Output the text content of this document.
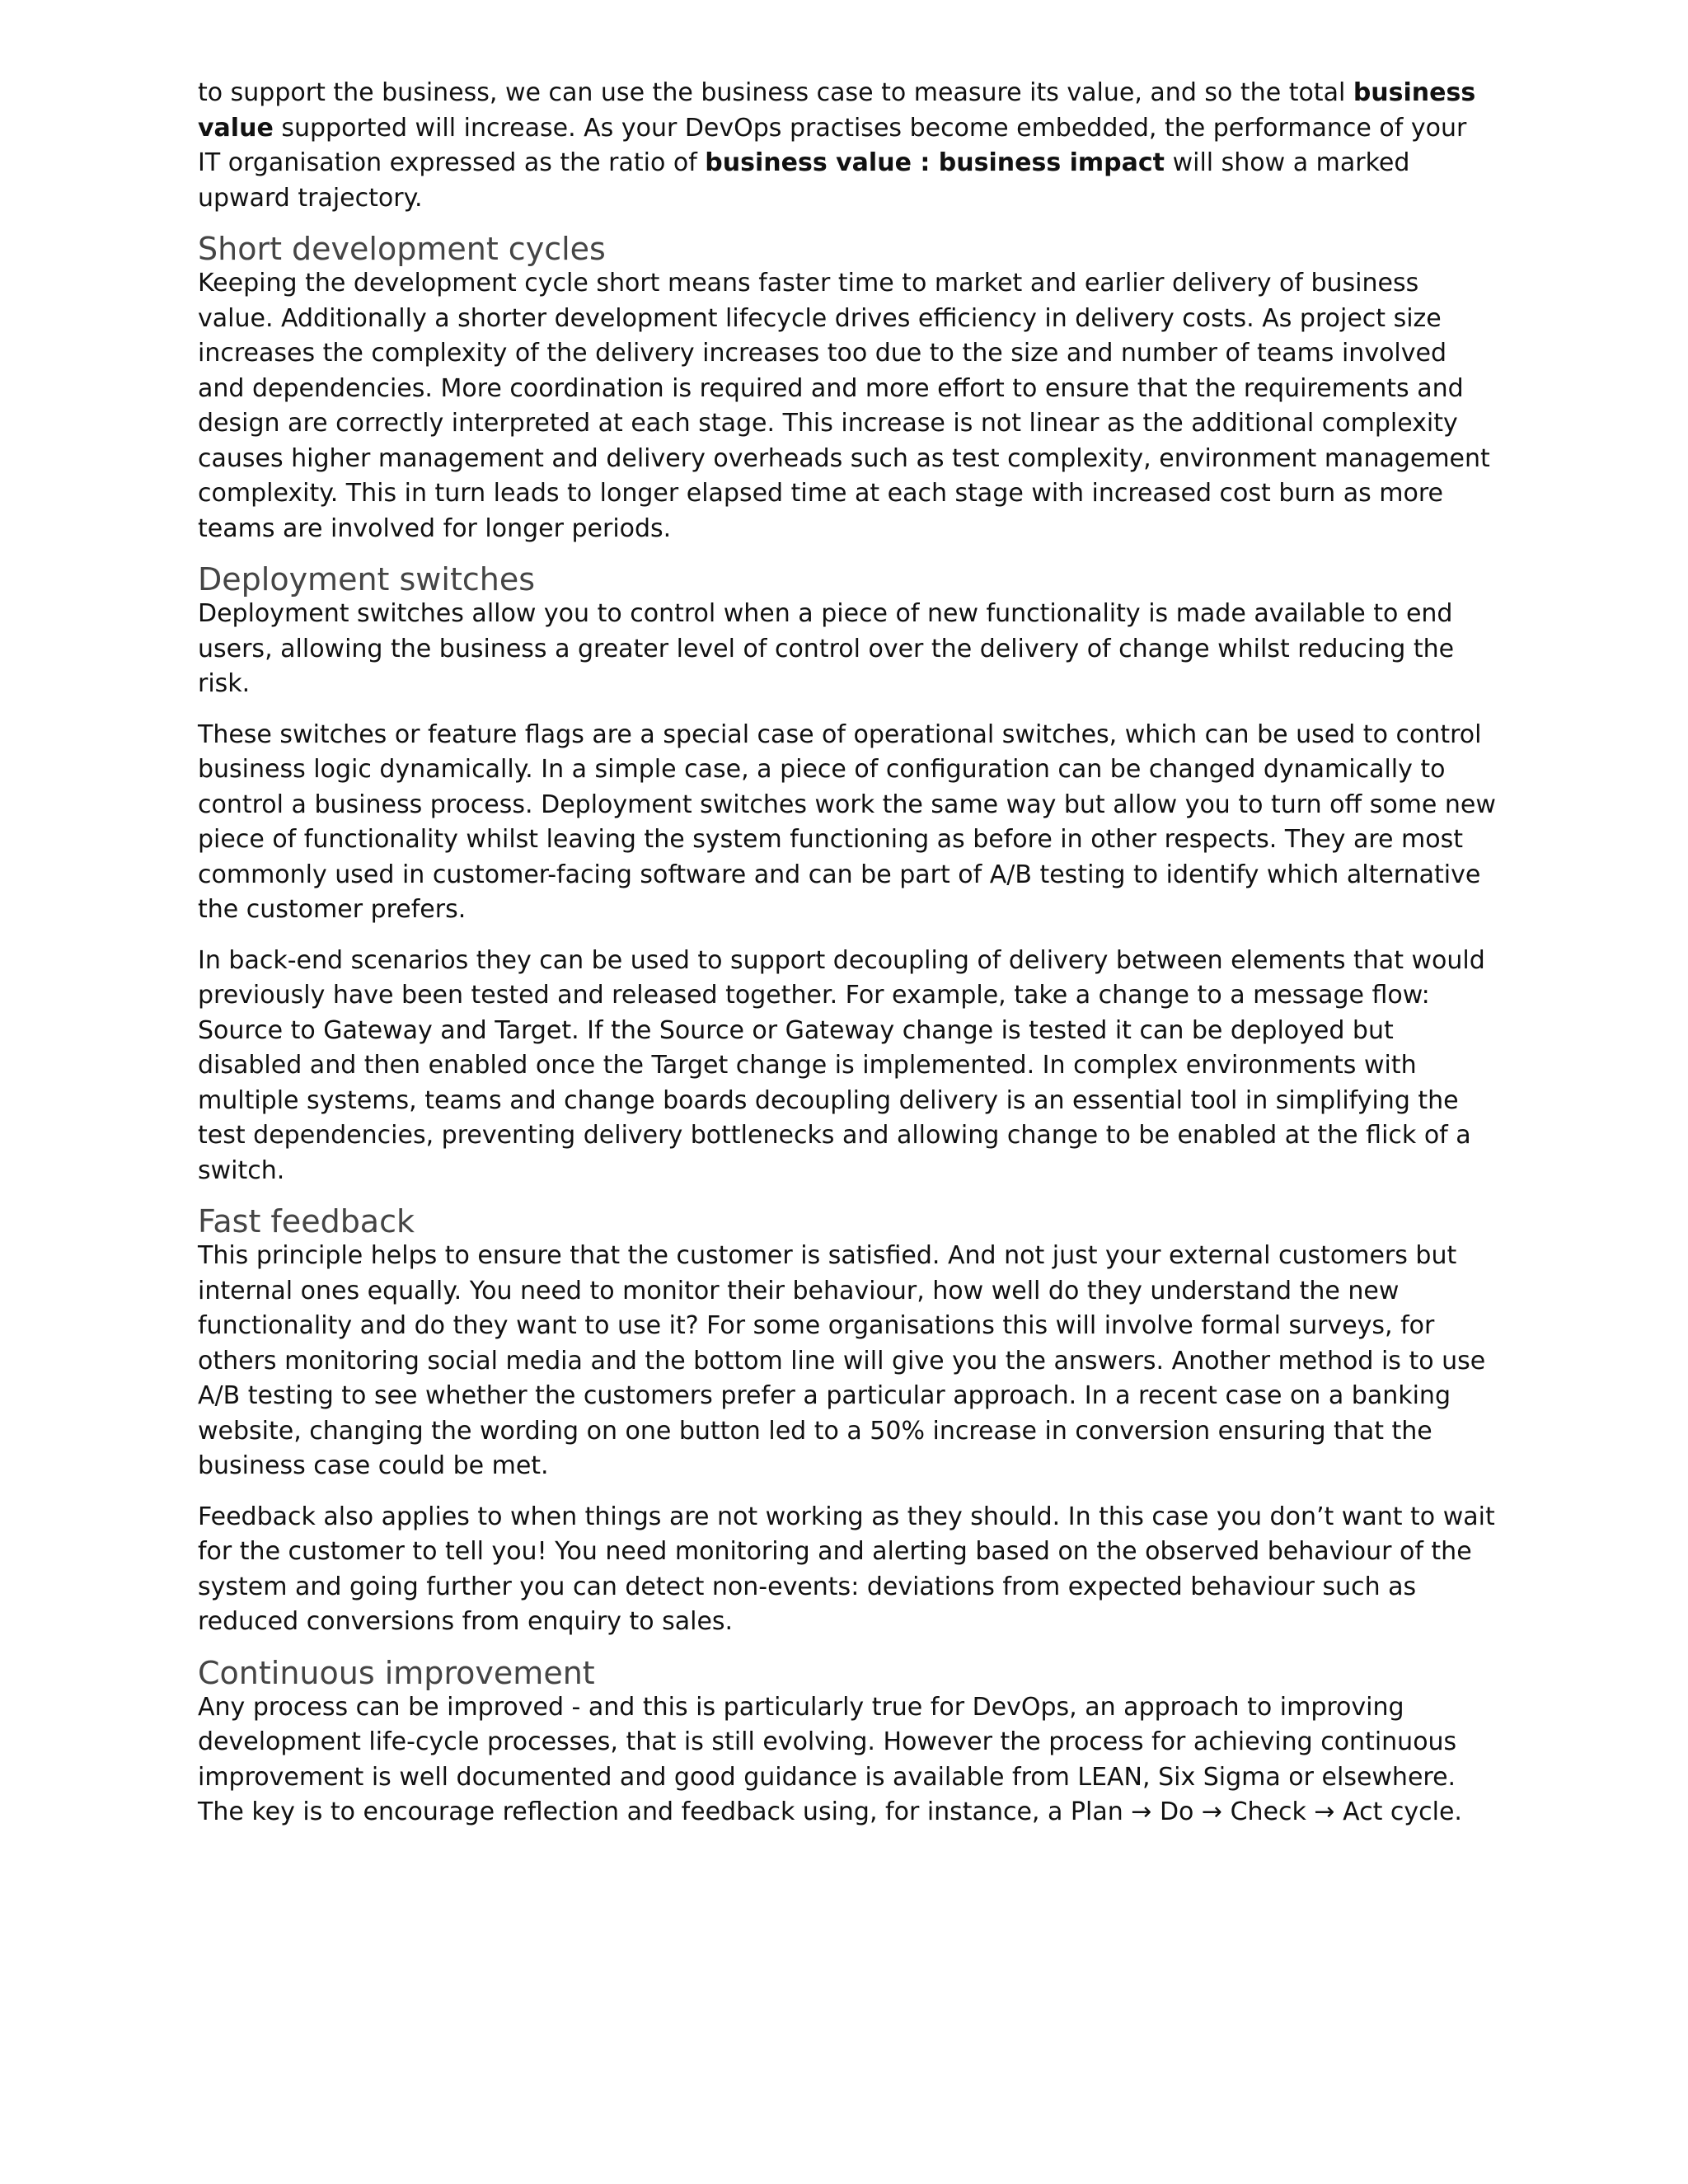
to support the business, we can use the business case to measure its value, and so the total business value supported will increase. As your DevOps practises become embedded, the performance of your IT organisation expressed as the ratio of business value : business impact will show a marked upward trajectory.

Short development cycles

Keeping the development cycle short means faster time to market and earlier delivery of business value. Additionally a shorter development lifecycle drives efficiency in delivery costs. As project size increases the complexity of the delivery increases too due to the size and number of teams involved and dependencies. More coordination is required and more effort to ensure that the requirements and design are correctly interpreted at each stage. This increase is not linear as the additional complexity causes higher management and delivery overheads such as test complexity, environment management complexity. This in turn leads to longer elapsed time at each stage with increased cost burn as more teams are involved for longer periods.

Deployment switches

Deployment switches allow you to control when a piece of new functionality is made available to end users, allowing the business a greater level of control over the delivery of change whilst reducing the risk.

These switches or feature flags are a special case of operational switches, which can be used to control business logic dynamically. In a simple case, a piece of configuration can be changed dynamically to control a business process. Deployment switches work the same way but allow you to turn off some new piece of functionality whilst leaving the system functioning as before in other respects. They are most commonly used in customer-facing software and can be part of A/B testing to identify which alternative the customer prefers.

In back-end scenarios they can be used to support decoupling of delivery between elements that would previously have been tested and released together. For example, take a change to a message flow: Source to Gateway and Target. If the Source or Gateway change is tested it can be deployed but disabled and then enabled once the Target change is implemented. In complex environments with multiple systems, teams and change boards decoupling delivery is an essential tool in simplifying the test dependencies, preventing delivery bottlenecks and allowing change to be enabled at the flick of a switch.

Fast feedback

This principle helps to ensure that the customer is satisfied. And not just your external customers but internal ones equally. You need to monitor their behaviour, how well do they understand the new functionality and do they want to use it? For some organisations this will involve formal surveys, for others monitoring social media and the bottom line will give you the answers. Another method is to use A/B testing to see whether the customers prefer a particular approach. In a recent case on a banking website, changing the wording on one button led to a 50% increase in conversion ensuring that the business case could be met.

Feedback also applies to when things are not working as they should. In this case you don’t want to wait for the customer to tell you! You need monitoring and alerting based on the observed behaviour of the system and going further you can detect non-events: deviations from expected behaviour such as reduced conversions from enquiry to sales.

Continuous improvement

Any process can be improved - and this is particularly true for DevOps, an approach to improving development life-cycle processes, that is still evolving. However the process for achieving continuous improvement is well documented and good guidance is available from LEAN, Six Sigma or elsewhere. The key is to encourage reflection and feedback using, for instance, a Plan → Do → Check → Act cycle.
